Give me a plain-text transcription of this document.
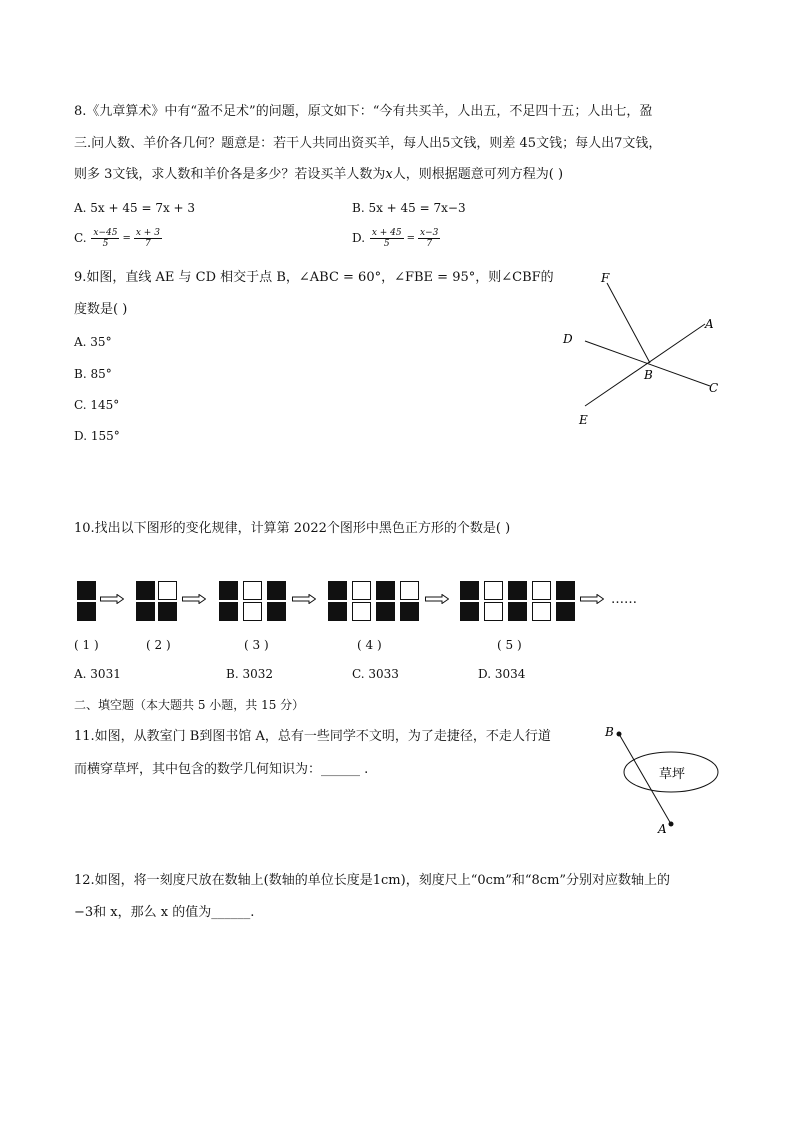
8.《九章算术》中有“盈不足术”的问题，原文如下：“今有共买羊，人出五，不足四十五；人出七，盈
三.问人数、羊价各几何？题意是：若干人共同出资买羊，每人出5文钱，则差 45文钱；每人出7文钱，
则多 3文钱，求人数和羊价各是多少？若设买羊人数为x人，则根据题意可列方程为( )
A. 5x + 45 = 7x + 3	B. 5x + 45 = 7x−3
C. $\frac{x-45}{5} = \frac{x + 3}{7}$	D. $\frac{x + 45}{5} = \frac{x-3}{7}$
9.如图，直线 AE 与 CD 相交于点 B，∠ABC = 60°，∠FBE = 95°，则∠CBF的
度数是( )
A. 35°
B. 85°
C. 145°
D. 155°
F
A
D
B
C
E
10.找出以下图形的变化规律，计算第 2022个图形中黑色正方形的个数是( )
……
( 1 )	( 2 )	( 3 )	( 4 )	( 5 )
A. 3031	B. 3032	C. 3033	D. 3034
二、填空题（本大题共 5 小题，共 15 分）
11.如图，从教室门 B到图书馆 A，总有一些同学不文明，为了走捷径，不走人行道
而横穿草坪，其中包含的数学几何知识为：______ .	草坪
B
A
12.如图，将一刻度尺放在数轴上(数轴的单位长度是1cm)，刻度尺上“0cm”和“8cm”分别对应数轴上的
−3和 x，那么 x 的值为______.
